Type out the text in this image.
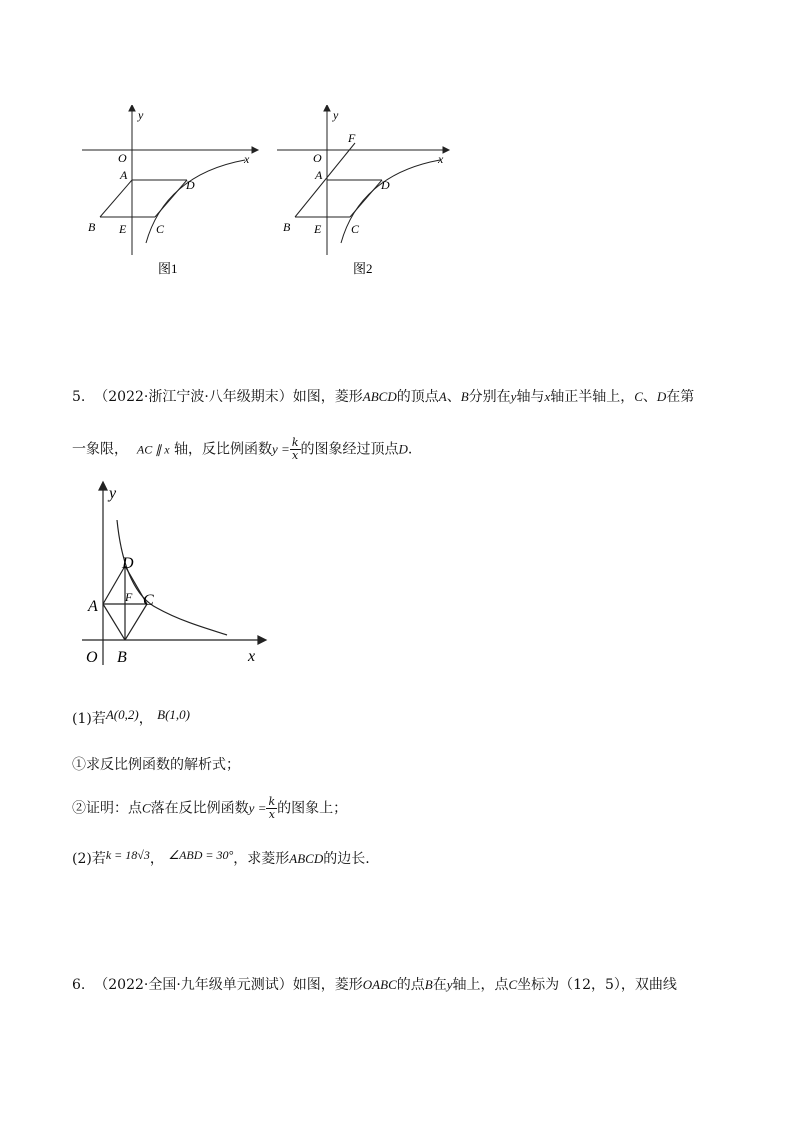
y
x
O
A
D
B E C
图1
y
x
O
F
A
D
B E C
图2
5. （2022·浙江宁波·八年级期末）如图，菱形ABCD的顶点A、B分别在y轴与x轴正半轴上，C、D在第
一象限， AC ∥ x 轴，反比例函数$y = \frac{k}{x}$ 的图象经过顶点D.
y
x
O B
A
D
F C
(1)若A(0,2)， B(1,0)
①求反比例函数的解析式；
②证明：点C落在反比例函数$y = \frac{k}{x}$ 的图象上；
(2)若k = 18√3， ∠ABD = 30°，求菱形ABCD的边长.
6. （2022·全国·九年级单元测试）如图，菱形OABC的点B在y轴上，点C坐标为（12，5），双曲线
